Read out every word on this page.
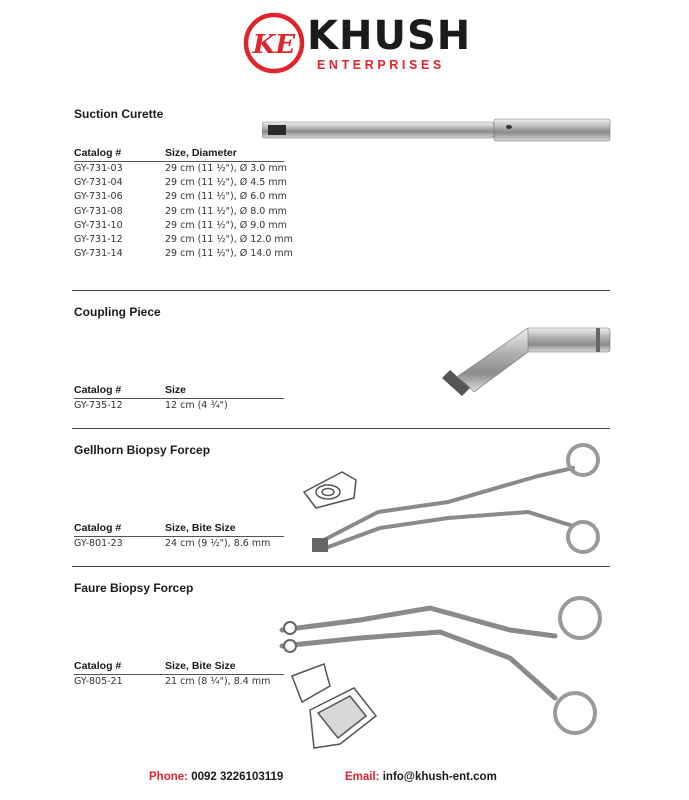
KE KHUSH
ENTERPRISES
Suction Curette
Catalog #	Size, Diameter
GY-731-03	29 cm (11 ½"), Ø 3.0 mm
GY-731-04	29 cm (11 ½"), Ø 4.5 mm
GY-731-06	29 cm (11 ½"), Ø 6.0 mm
GY-731-08	29 cm (11 ½"), Ø 8.0 mm
GY-731-10	29 cm (11 ½"), Ø 9.0 mm
GY-731-12	29 cm (11 ½"), Ø 12.0 mm
GY-731-14	29 cm (11 ½"), Ø 14.0 mm
Coupling Piece
Catalog #	Size
GY-735-12	12 cm (4 ¾")
Gellhorn Biopsy Forcep
Catalog #	Size, Bite Size
GY-801-23	24 cm (9 ½"), 8.6 mm
Faure Biopsy Forcep
Catalog #	Size, Bite Size
GY-805-21	21 cm (8 ¼"), 8.4 mm
Phone: 0092 3226103119	Email: info@khush-ent.com
